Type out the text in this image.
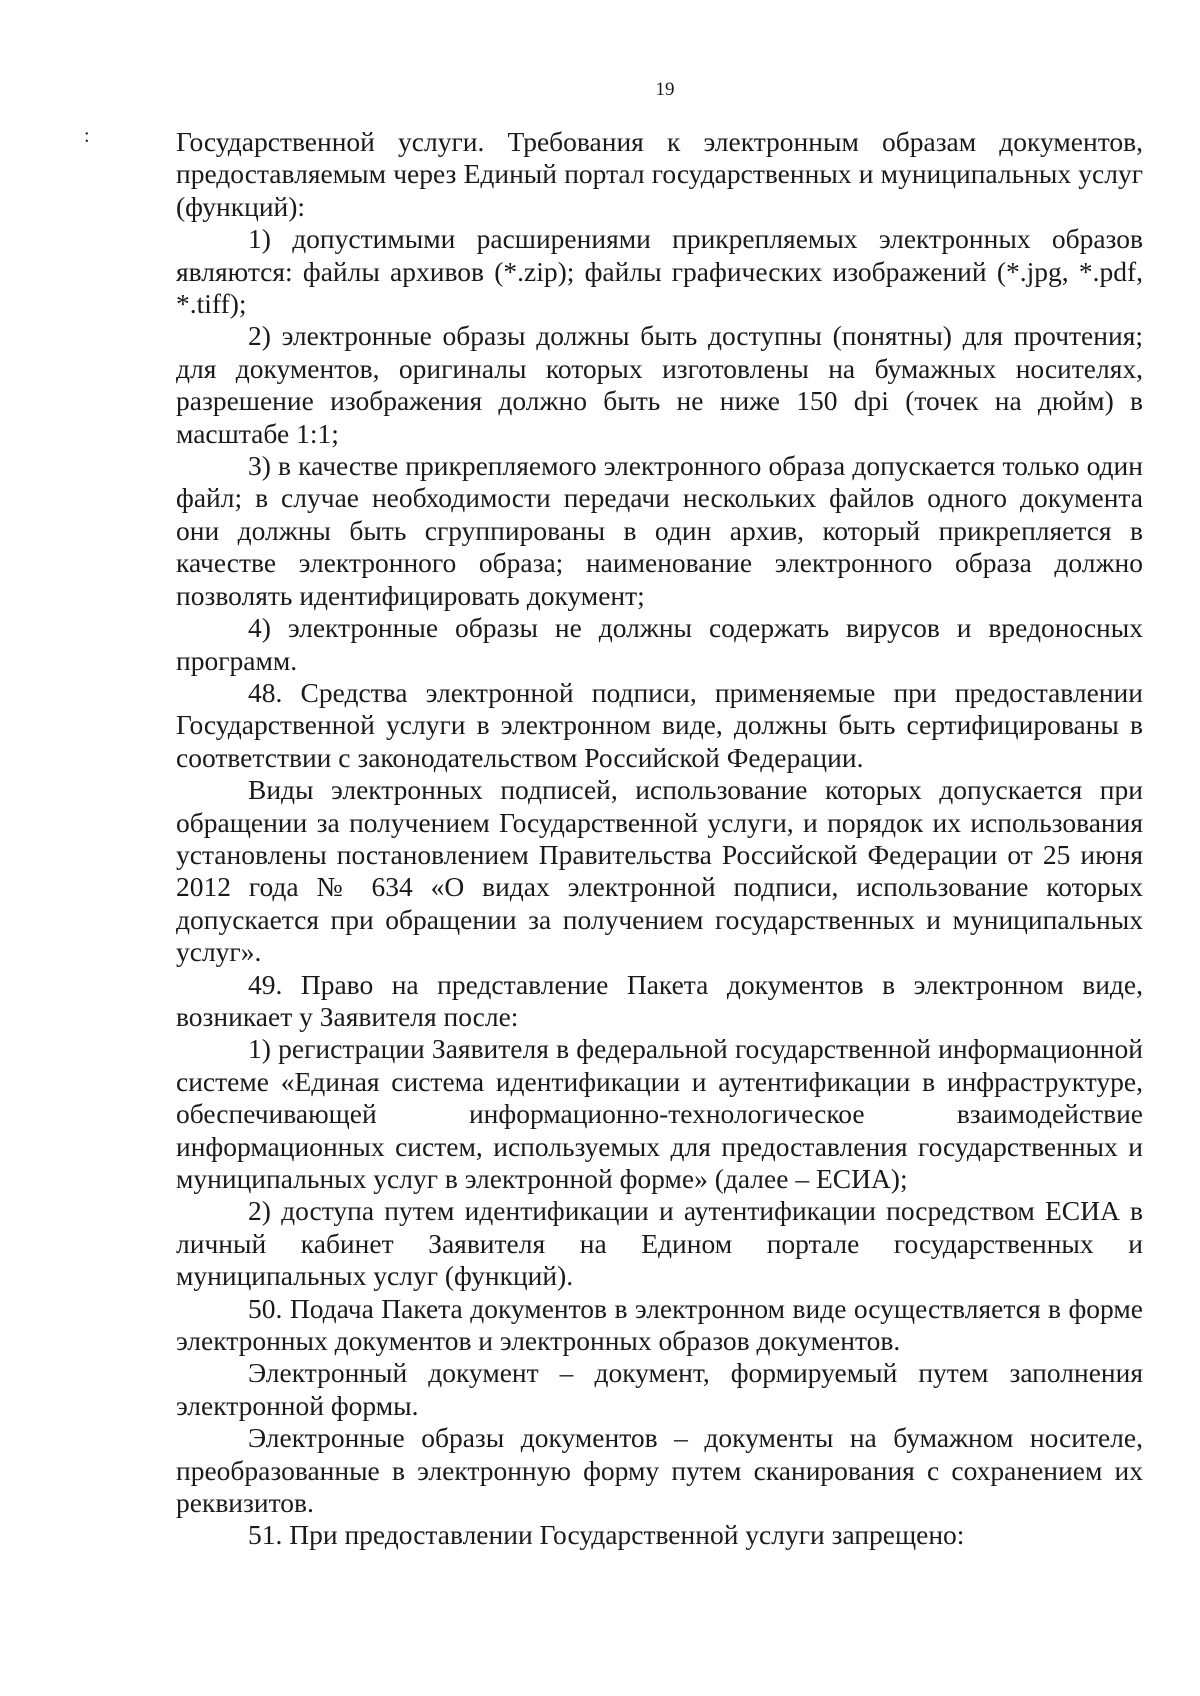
19
:	Государственной услуги. Требования к электронным образам документов, предоставляемым через Единый портал государственных и муниципальных услуг (функций):

1) допустимыми расширениями прикрепляемых электронных образов являются: файлы архивов (*.zip); файлы графических изображений (*.jpg, *.pdf, *.tiff);

2) электронные образы должны быть доступны (понятны) для прочтения; для документов, оригиналы которых изготовлены на бумажных носителях, разрешение изображения должно быть не ниже 150 dpi (точек на дюйм) в масштабе 1:1;

3) в качестве прикрепляемого электронного образа допускается только один файл; в случае необходимости передачи нескольких файлов одного документа они должны быть сгруппированы в один архив, который прикрепляется в качестве электронного образа; наименование электронного образа должно позволять идентифицировать документ;

4) электронные образы не должны содержать вирусов и вредоносных программ.

48. Средства электронной подписи, применяемые при предоставлении Государственной услуги в электронном виде, должны быть сертифицированы в соответствии с законодательством Российской Федерации.

Виды электронных подписей, использование которых допускается при обращении за получением Государственной услуги, и порядок их использования установлены постановлением Правительства Российской Федерации от 25 июня 2012 года № 634 «О видах электронной подписи, использование которых допускается при обращении за получением государственных и муниципальных услуг».

49. Право на представление Пакета документов в электронном виде, возникает у Заявителя после:

1) регистрации Заявителя в федеральной государственной информационной системе «Единая система идентификации и аутентификации в инфраструктуре, обеспечивающей информационно-технологическое взаимодействие информационных систем, используемых для предоставления государственных и муниципальных услуг в электронной форме» (далее – ЕСИА);

2) доступа путем идентификации и аутентификации посредством ЕСИА в личный кабинет Заявителя на Едином портале государственных и муниципальных услуг (функций).

50. Подача Пакета документов в электронном виде осуществляется в форме электронных документов и электронных образов документов.

Электронный документ – документ, формируемый путем заполнения электронной формы.

Электронные образы документов – документы на бумажном носителе, преобразованные в электронную форму путем сканирования с сохранением их реквизитов.

51. При предоставлении Государственной услуги запрещено:
